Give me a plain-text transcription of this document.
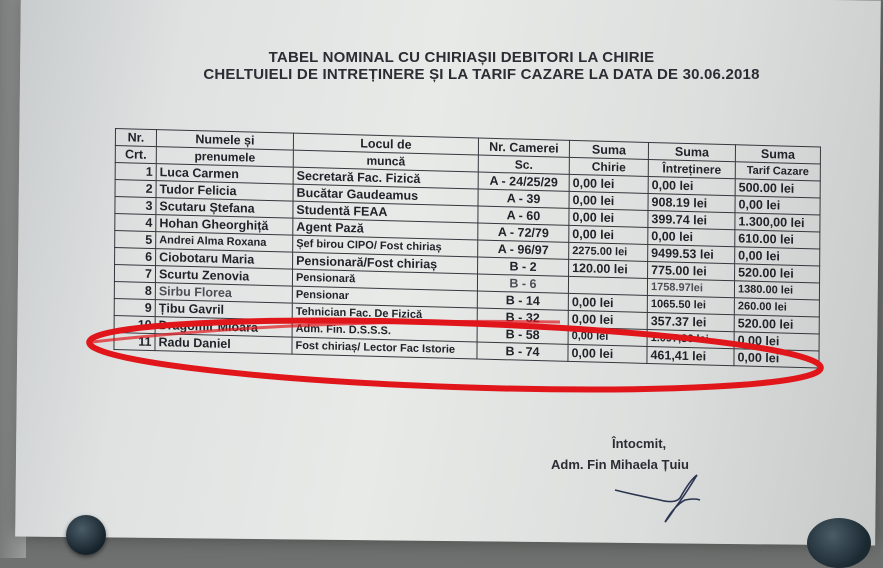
TABEL NOMINAL CU CHIRIAȘII DEBITORI LA CHIRIE
CHELTUIELI DE INTREȚINERE ȘI LA TARIF CAZARE LA DATA DE 30.06.2018
Nr.	Numele și	Locul de	Nr. Camerei	Suma	Suma	Suma
Crt.	prenumele	muncă	Sc.	Chirie	Întreținere	Tarif Cazare
1	Luca Carmen	Secretară Fac. Fizică	A - 24/25/29	0,00 lei	0,00 lei	500.00 lei
2	Tudor Felicia	Bucătar Gaudeamus	A - 39	0,00 lei	908.19 lei	0,00 lei
3	Scutaru Ștefana	Studentă FEAA	A - 60	0,00 lei	399.74 lei	1.300,00 lei
4	Hohan Gheorghiță	Agent Pază	A - 72/79	0,00 lei	0,00 lei	610.00 lei
5	Andrei Alma Roxana	Șef birou CIPO/ Fost chiriaș	A - 96/97	2275.00 lei	9499.53 lei	0,00 lei
6	Ciobotaru Maria	Pensionară/Fost chiriaș	B - 2	120.00 lei	775.00 lei	520.00 lei
7	Scurtu Zenovia	Pensionară	B - 6		1758.97lei	1380.00 lei
8	Sirbu Florea	Pensionar	B - 14	0,00 lei	1065.50 lei	260.00 lei
9	Țibu Gavril	Tehnician Fac. De Fizică	B - 32	0,00 lei	357.37 lei	520.00 lei
10	Dragomir Mioara	Adm. Fin. D.S.S.S.	B - 58	0,00 lei	1.097,36 lei	0,00 lei
11	Radu Daniel	Fost chiriaș/ Lector Fac Istorie	B - 74	0,00 lei	461,41 lei	0,00 lei
Întocmit,
Adm. Fin Mihaela Țuiu
